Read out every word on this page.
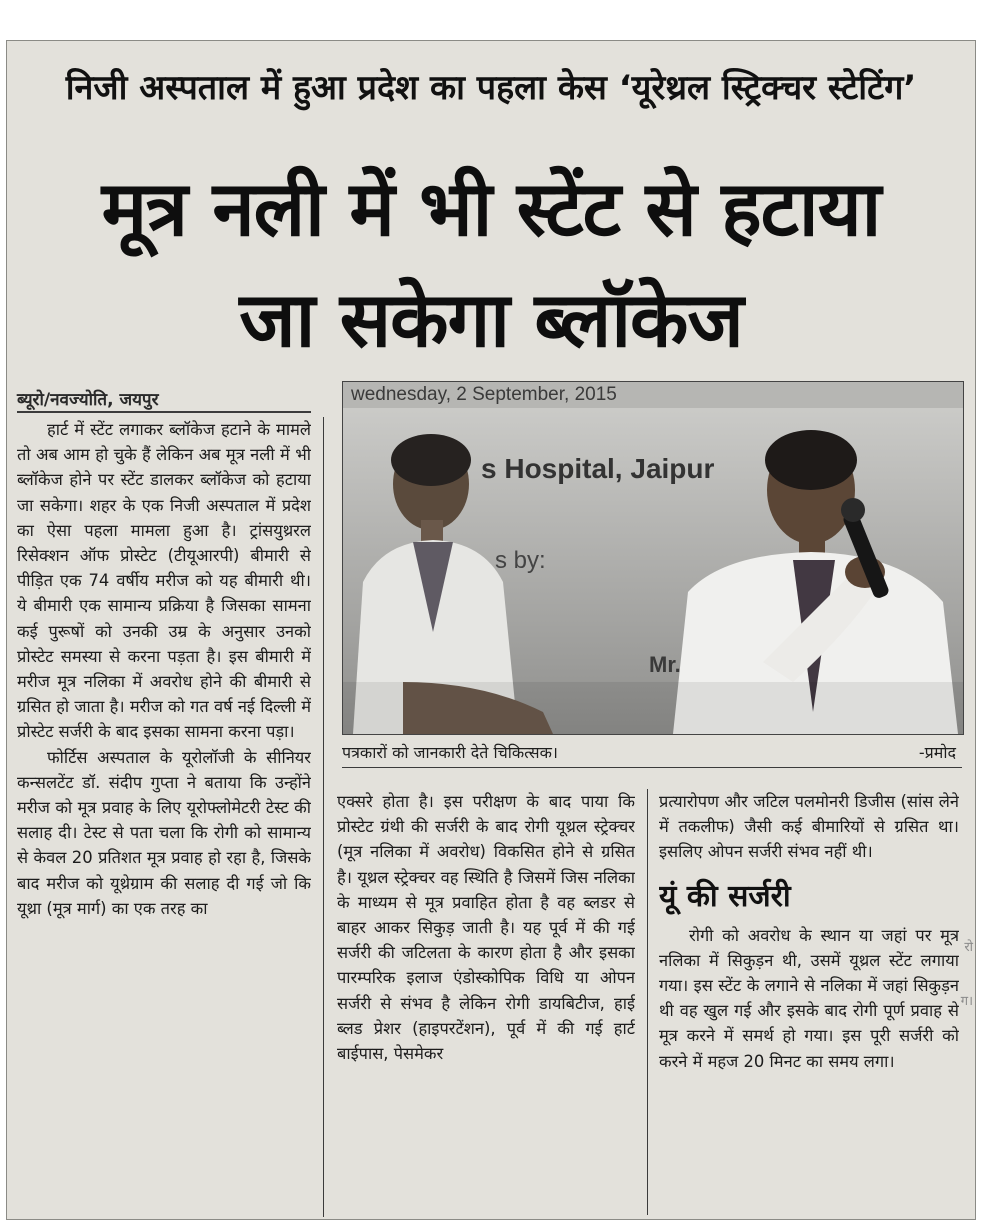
निजी अस्पताल में हुआ प्रदेश का पहला केस ‘यूरेथ्रल स्ट्रिक्चर स्टेटिंग’
मूत्र नली में भी स्टेंट से हटाया
जा सकेगा ब्लॉकेज
ब्यूरो/नवज्योति, जयपुर

हार्ट में स्टेंट लगाकर ब्लॉकेज हटाने के मामले तो अब आम हो चुके हैं लेकिन अब मूत्र नली में भी ब्लॉकेज होने पर स्टेंट डालकर ब्लॉकेज को हटाया जा सकेगा। शहर के एक निजी अस्पताल में प्रदेश का ऐसा पहला मामला हुआ है। ट्रांसयुथ्ररल रिसेक्शन ऑफ प्रोस्टेट (टीयूआरपी) बीमारी से पीड़ित एक 74 वर्षीय मरीज को यह बीमारी थी। ये बीमारी एक सामान्य प्रक्रिया है जिसका सामना कई पुरूषों को उनकी उम्र के अनुसार उनको प्रोस्टेट समस्या से करना पड़ता है। इस बीमारी में मरीज मूत्र नलिका में अवरोध होने की बीमारी से ग्रसित हो जाता है। मरीज को गत वर्ष नई दिल्ली में प्रोस्टेट सर्जरी के बाद इसका सामना करना पड़ा।

फोर्टिस अस्पताल के यूरोलॉजी के सीनियर कन्सलटेंट डॉ. संदीप गुप्ता ने बताया कि उन्होंने मरीज को मूत्र प्रवाह के लिए यूरोफ्लोमेटरी टेस्ट की सलाह दी। टेस्ट से पता चला कि रोगी को सामान्य से केवल 20 प्रतिशत मूत्र प्रवाह हो रहा है, जिसके बाद मरीज को यूथ्रेग्राम की सलाह दी गई जो कि यूथ्रा (मूत्र मार्ग) का एक तरह का

wednesday, 2 September, 2015
s Hospital, Jaipur
s by:
Mr.
पत्रकारों को जानकारी देते चिकित्सक।	-प्रमोद

एक्सरे होता है। इस परीक्षण के बाद पाया कि प्रोस्टेट ग्रंथी की सर्जरी के बाद रोगी यूथ्रल स्ट्रेक्चर (मूत्र नलिका में अवरोध) विकसित होने से ग्रसित है। यूथ्रल स्ट्रेक्चर वह स्थिति है जिसमें जिस नलिका के माध्यम से मूत्र प्रवाहित होता है वह ब्लडर से बाहर आकर सिकुड़ जाती है। यह पूर्व में की गई सर्जरी की जटिलता के कारण होता है और इसका पारम्परिक इलाज एंडोस्कोपिक विधि या ओपन सर्जरी से संभव है लेकिन रोगी डायबिटीज, हाई ब्लड प्रेशर (हाइपरटेंशन), पूर्व में की गई हार्ट बाईपास, पेसमेकर

प्रत्यारोपण और जटिल पलमोनरी डिजीस (सांस लेने में तकलीफ) जैसी कई बीमारियों से ग्रसित था। इसलिए ओपन सर्जरी संभव नहीं थी।

यूं की सर्जरी

रोगी को अवरोध के स्थान या जहां पर मूत्र नलिका में सिकुड़न थी, उसमें यूथ्रल स्टेंट लगाया गया। इस स्टेंट के लगाने से नलिका में जहां सिकुड़न थी वह खुल गई और इसके बाद रोगी पूर्ण प्रवाह से मूत्र करने में समर्थ हो गया। इस पूरी सर्जरी को करने में महज 20 मिनट का समय लगा।

रो
ग।
